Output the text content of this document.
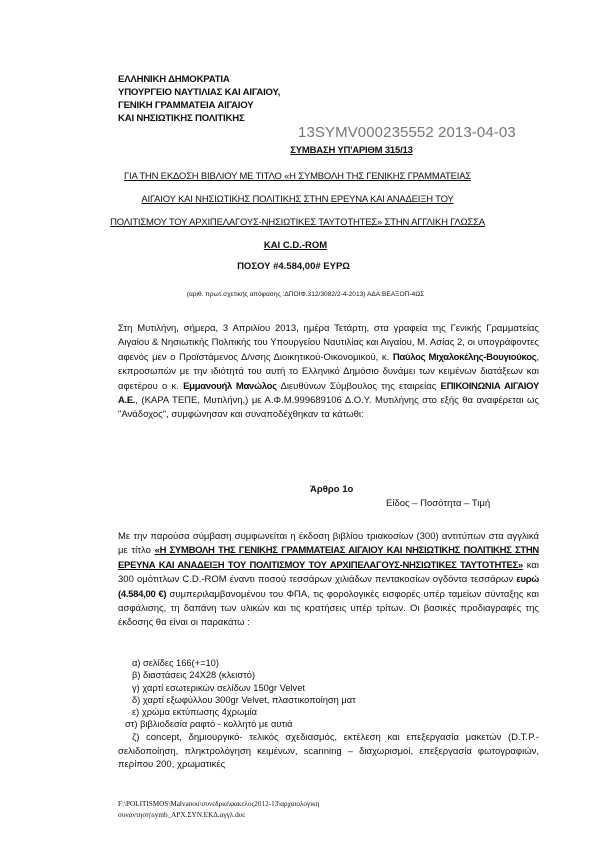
ΕΛΛΗΝΙΚΗ ΔΗΜΟΚΡΑΤΙΑ
ΥΠΟΥΡΓΕΙΟ ΝΑΥΤΙΛΙΑΣ ΚΑΙ ΑΙΓΑΙΟΥ,
ΓΕΝΙΚΗ ΓΡΑΜΜΑΤΕΙΑ ΑΙΓΑΙΟΥ
ΚΑΙ ΝΗΣΙΩΤΙΚΗΣ ΠΟΛΙΤΙΚΗΣ
13SYMV000235552 2013-04-03
ΣΥΜΒΑΣΗ ΥΠ'ΑΡΙΘΜ 315/13
ΓΙΑ ΤΗΝ ΕΚΔΟΣΗ ΒΙΒΛΙΟΥ ΜΕ ΤΙΤΛΟ «Η ΣΥΜΒΟΛΗ ΤΗΣ ΓΕΝΙΚΗΣ ΓΡΑΜΜΑΤΕΙΑΣ
ΑΙΓΑΙΟΥ ΚΑΙ ΝΗΣΙΩΤΙΚΗΣ ΠΟΛΙΤΙΚΗΣ ΣΤΗΝ ΕΡΕΥΝΑ ΚΑΙ ΑΝΑΔΕΙΞΗ ΤΟΥ
ΠΟΛΙΤΙΣΜΟΥ ΤΟΥ ΑΡΧΙΠΕΛΑΓΟΥΣ-ΝΗΣΙΩΤΙΚΕΣ ΤΑΥΤΟΤΗΤΕΣ» ΣΤΗΝ ΑΓΓΛΙΚΗ ΓΛΩΣΣΑ
ΚΑΙ C.D.-ROM
ΠΟΣΟΥ #4.584,00# ΕΥΡΩ
(αριθ. πρωτ.σχετικής απόφασης :ΔΠΟΙΦ.312/3082/2-4-2013) ΑΔΑ:ΒΕΑΞΟΠ-4ΩΣ
Στη Μυτιλήνη, σήμερα, 3 Απριλίου 2013, ημέρα Τετάρτη, στα γραφεία της Γενικής Γραμματείας Αιγαίου & Νησιωτικής Πολιτικής του Υπουργείου Ναυτιλίας και Αιγαίου, Μ. Ασίας 2, οι υπογράφοντες αφενός μεν ο Προϊστάμενος Δ/νσης Διοικητικού-Οικονομικού, κ. Παύλος Μιχαλοκέλης-Βουγιούκος, εκπροσωπών με την ιδιότητά του αυτή το Ελληνικό Δημόσιο δυνάμει των κειμένων διατάξεων και αφετέρου ο κ. Εμμανουήλ Μανώλος Διευθύνων Σύμβουλος της εταιρείας ΕΠΙΚΟΙΝΩΝΙΑ ΑΙΓΑΙΟΥ Α.Ε., (ΚΑΡΑ ΤΕΠΕ, Μυτιλήνη,) με Α.Φ.Μ.999689106 Δ.Ο.Υ. Μυτιλήνης στο εξής θα αναφέρεται ως "Ανάδοχος", συμφώνησαν και συναποδέχθηκαν τα κάτωθι:
Άρθρο 1ο
Είδος – Ποσότητα – Τιμή
Με την παρούσα σύμβαση συμφωνείται η έκδοση βιβλίου τριακοσίων (300) αντιτύπων στα αγγλικά με τίτλο «Η ΣΥΜΒΟΛΗ ΤΗΣ ΓΕΝΙΚΗΣ ΓΡΑΜΜΑΤΕΙΑΣ ΑΙΓΑΙΟΥ ΚΑΙ ΝΗΣΙΩΤΙΚΗΣ ΠΟΛΙΤΙΚΗΣ ΣΤΗΝ ΕΡΕΥΝΑ ΚΑΙ ΑΝΑΔΕΙΞΗ ΤΟΥ ΠΟΛΙΤΙΣΜΟΥ ΤΟΥ ΑΡΧΙΠΕΛΑΓΟΥΣ-ΝΗΣΙΩΤΙΚΕΣ ΤΑΥΤΟΤΗΤΕΣ» και 300 ομότιτλων C.D.-ROM έναντι ποσού τεσσάρων χιλιάδων πεντακοσίων ογδόντα τεσσάρων ευρώ (4.584,00 €) συμπεριλαμβανομένου του ΦΠΑ, τις φορολογικές εισφορές υπέρ ταμείων σύνταξης και ασφάλισης, τη δαπάνη των υλικών και τις κρατήσεις υπέρ τρίτων. Οι βασικές προδιαγραφές της έκδοσης θα είναι οι παρακάτω :
α) σελίδες 166(+=10)
β) διαστάσεις 24Χ28 (κλειστό)
γ) χαρτί εσωτερικών σελίδων 150gr Velvet
δ) χαρτί εξωφύλλου 300gr Velvet, πλαστικοποίηση ματ
ε) χρώμα εκτύπωσης 4χρωμία
στ) βιβλιοδεσία ραφτό - κολλητό με αυτιά
ζ) concept, δημιουργικό- τελικός σχεδιασμός, εκτέλεση και επεξεργασία μακετών (D.T.P.-σελιδοποίηση, πληκτρολόγηση κειμένων, scanning – διαχωρισμοί, επεξεργασία φωτογραφιών, περίπου 200, χρωματικές
F:\POLITISMOS\Malvanou\συνεδρια\φακελος2012-13\αρχαιολογικη
συναντηση\symb_ΑΡΧ.ΣΥΝ.ΕΚΔ.αγγλ.doc
